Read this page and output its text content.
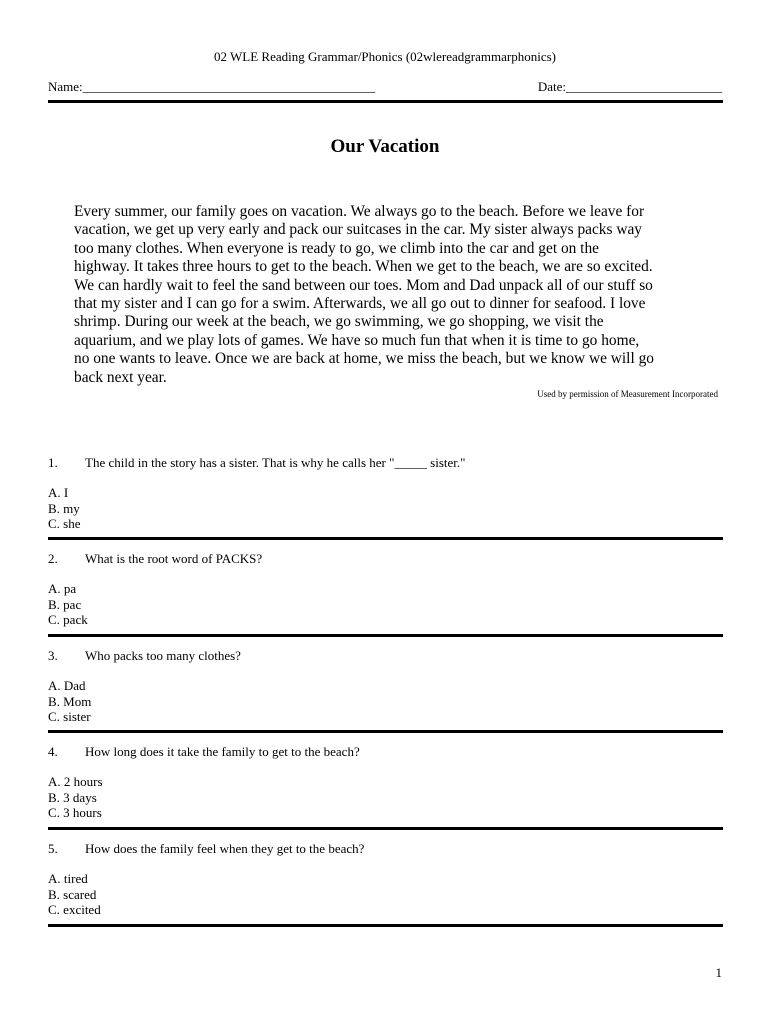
02 WLE Reading Grammar/Phonics (02wlereadgrammarphonics)
Name:_____________________________________________	Date:________________________
Our Vacation
Every summer, our family goes on vacation. We always go to the beach. Before we leave for
vacation, we get up very early and pack our suitcases in the car. My sister always packs way
too many clothes. When everyone is ready to go, we climb into the car and get on the
highway. It takes three hours to get to the beach. When we get to the beach, we are so excited.
We can hardly wait to feel the sand between our toes. Mom and Dad unpack all of our stuff so
that my sister and I can go for a swim. Afterwards, we all go out to dinner for seafood. I love
shrimp. During our week at the beach, we go swimming, we go shopping, we visit the
aquarium, and we play lots of games. We have so much fun that when it is time to go home,
no one wants to leave. Once we are back at home, we miss the beach, but we know we will go
back next year.
Used by permission of Measurement Incorporated
1. The child in the story has a sister. That is why he calls her "_____ sister."
A. I
B. my
C. she
2. What is the root word of PACKS?
A. pa
B. pac
C. pack
3. Who packs too many clothes?
A. Dad
B. Mom
C. sister
4. How long does it take the family to get to the beach?
A. 2 hours
B. 3 days
C. 3 hours
5. How does the family feel when they get to the beach?
A. tired
B. scared
C. excited
1
